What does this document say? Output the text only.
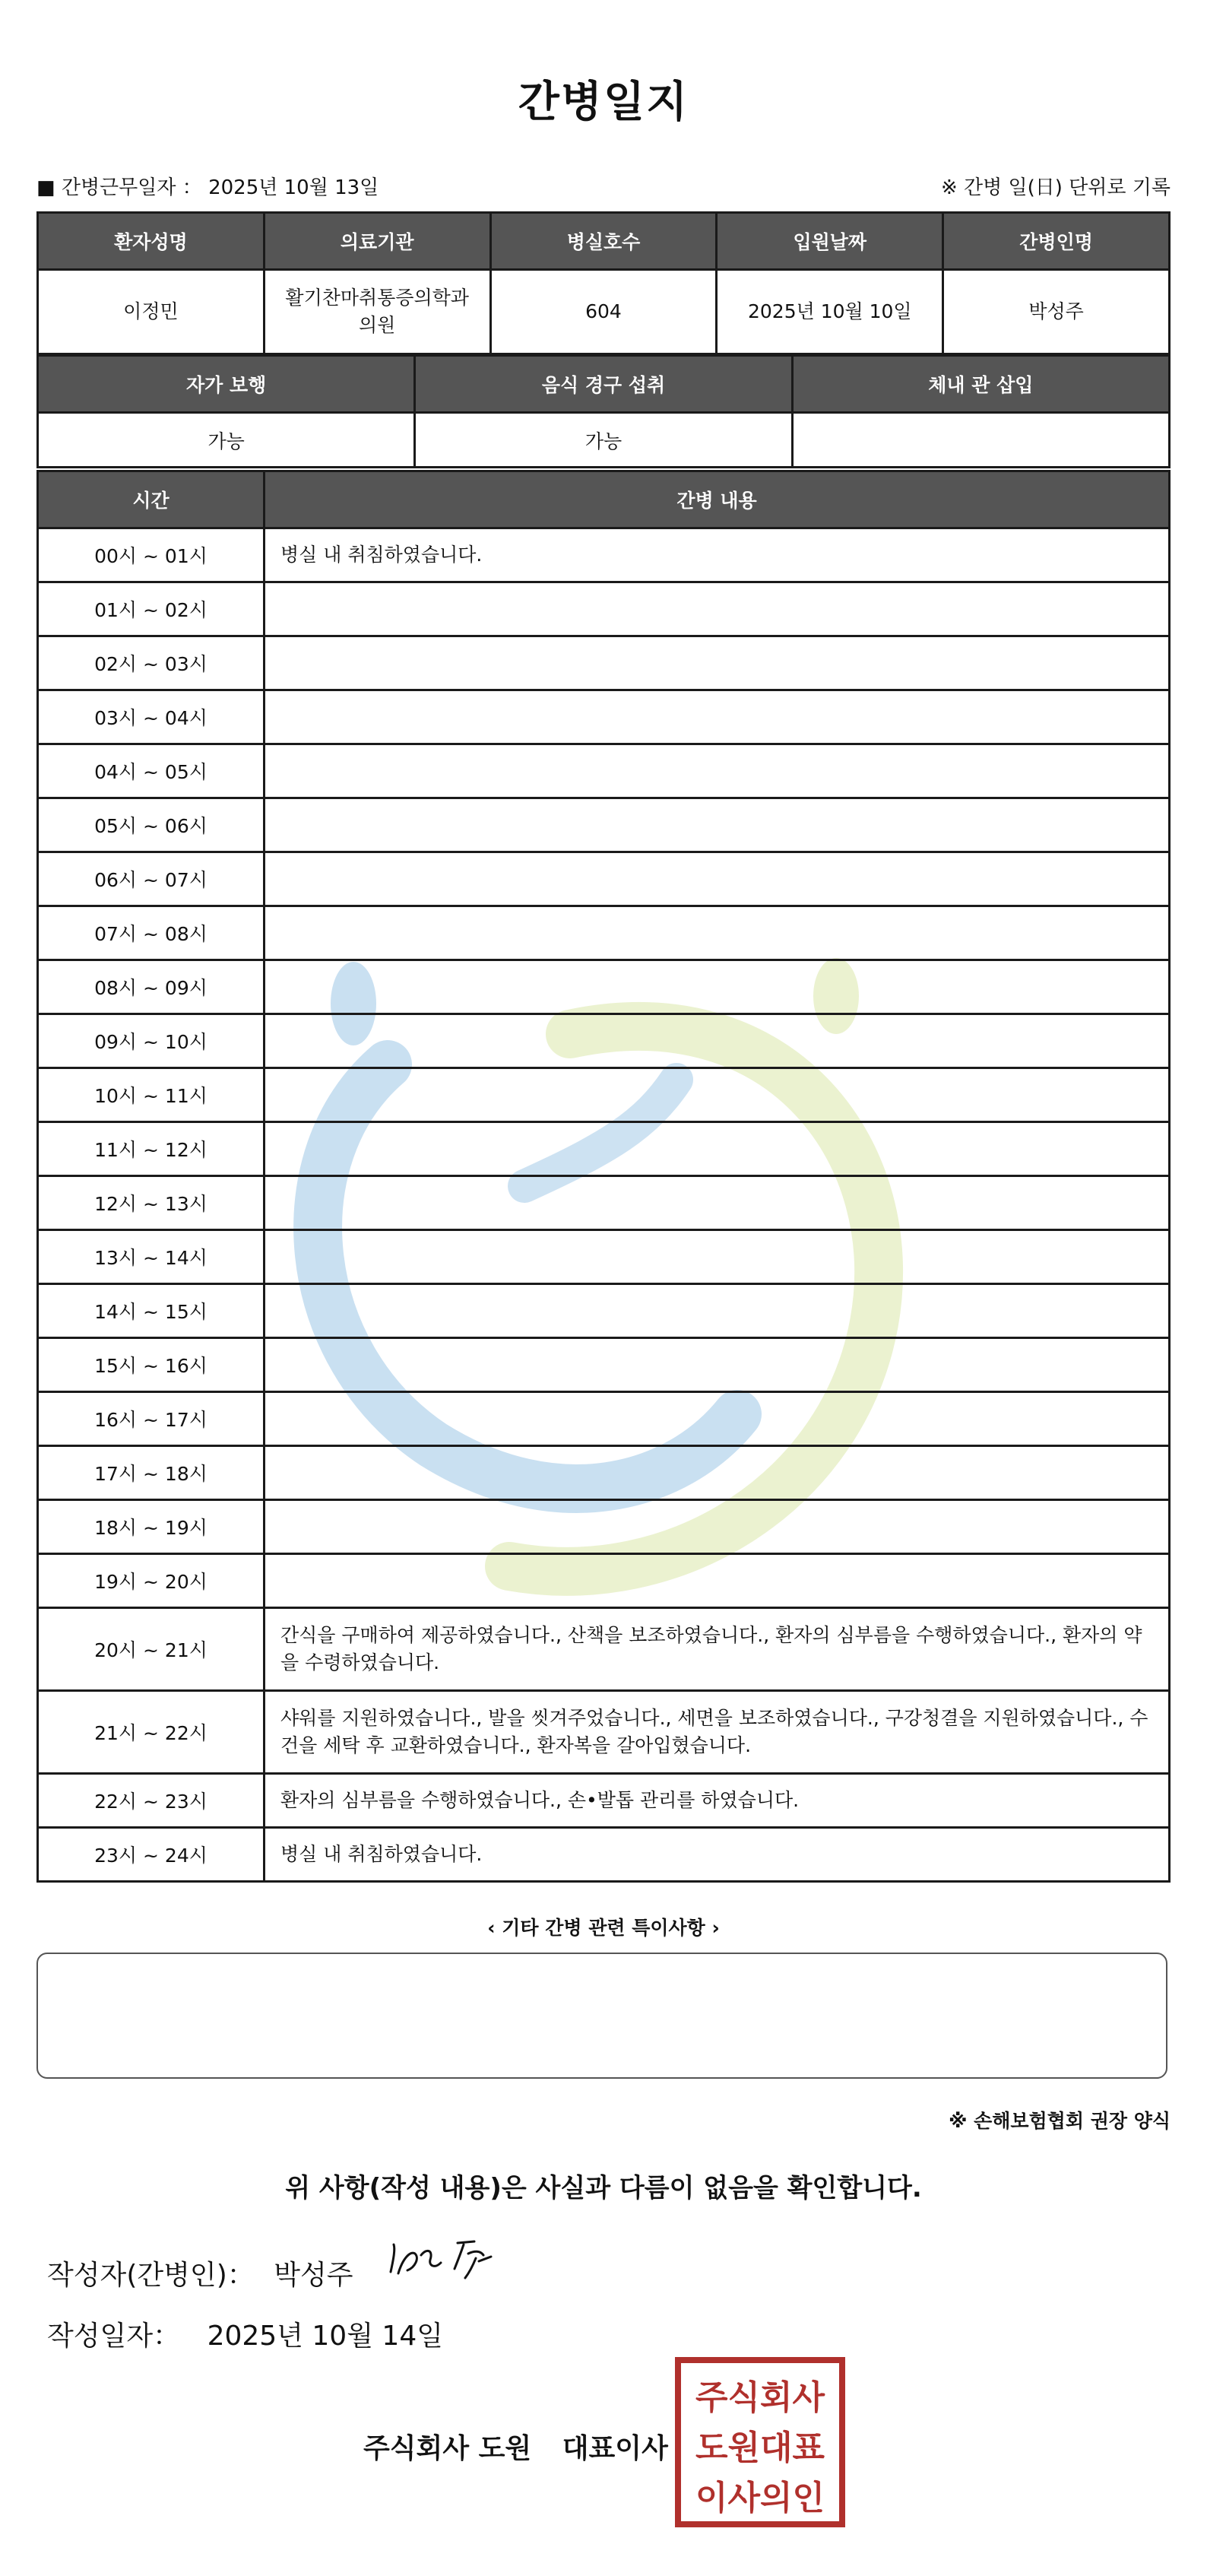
간병일지
■ 간병근무일자 ： 2025년 10월 13일	※ 간병 일(日) 단위로 기록
환자성명	의료기관	병실호수	입원날짜	간병인명
이정민	활기찬마취통증의학과의원	604	2025년 10월 10일	박성주
자가 보행	음식 경구 섭취	체내 관 삽입
가능	가능	
시간	간병 내용
00시 ~ 01시	병실 내 취침하였습니다.
01시 ~ 02시	
02시 ~ 03시	
03시 ~ 04시	
04시 ~ 05시	
05시 ~ 06시	
06시 ~ 07시	
07시 ~ 08시	
08시 ~ 09시	
09시 ~ 10시	
10시 ~ 11시	
11시 ~ 12시	
12시 ~ 13시	
13시 ~ 14시	
14시 ~ 15시	
15시 ~ 16시	
16시 ~ 17시	
17시 ~ 18시	
18시 ~ 19시	
19시 ~ 20시	
20시 ~ 21시	간식을 구매하여 제공하였습니다., 산책을 보조하였습니다., 환자의 심부름을 수행하였습니다., 환자의 약을 수령하였습니다.
21시 ~ 22시	샤워를 지원하였습니다., 발을 씻겨주었습니다., 세면을 보조하였습니다., 구강청결을 지원하였습니다., 수건을 세탁 후 교환하였습니다., 환자복을 갈아입혔습니다.
22시 ~ 23시	환자의 심부름을 수행하였습니다., 손•발톱 관리를 하였습니다.
23시 ~ 24시	병실 내 취침하였습니다.
‹ 기타 간병 관련 특이사항 ›
※ 손해보험협회 권장 양식
위 사항(작성 내용)은 사실과 다름이 없음을 확인합니다.
작성자(간병인)： 박성주
작성일자： 2025년 10월 14일
주식회사 도원 대표이사
주식회사
도원대표
이사의인
